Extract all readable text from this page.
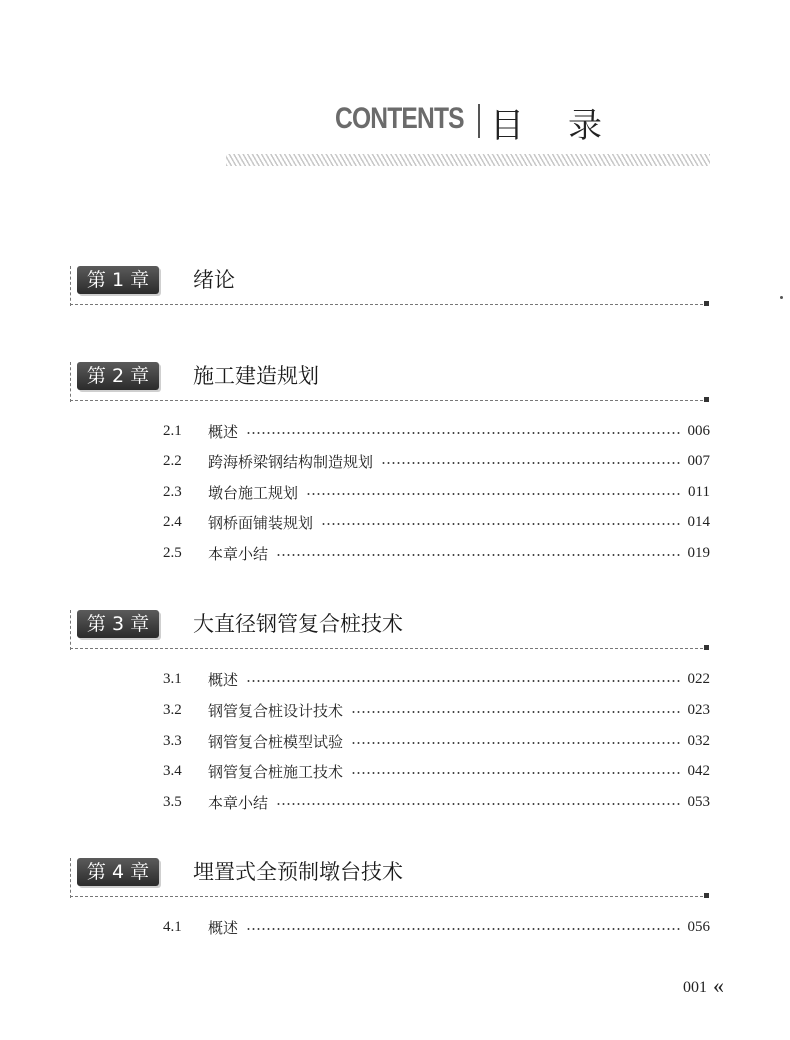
CONTENTS 目录
第 1 章	绪论
第 2 章	施工建造规划
2.1	概述	006
2.2	跨海桥梁钢结构制造规划	007
2.3	墩台施工规划	011
2.4	钢桥面铺装规划	014
2.5	本章小结	019
第 3 章	大直径钢管复合桩技术
3.1	概述	022
3.2	钢管复合桩设计技术	023
3.3	钢管复合桩模型试验	032
3.4	钢管复合桩施工技术	042
3.5	本章小结	053
第 4 章	埋置式全预制墩台技术
4.1	概述	056
001 «
